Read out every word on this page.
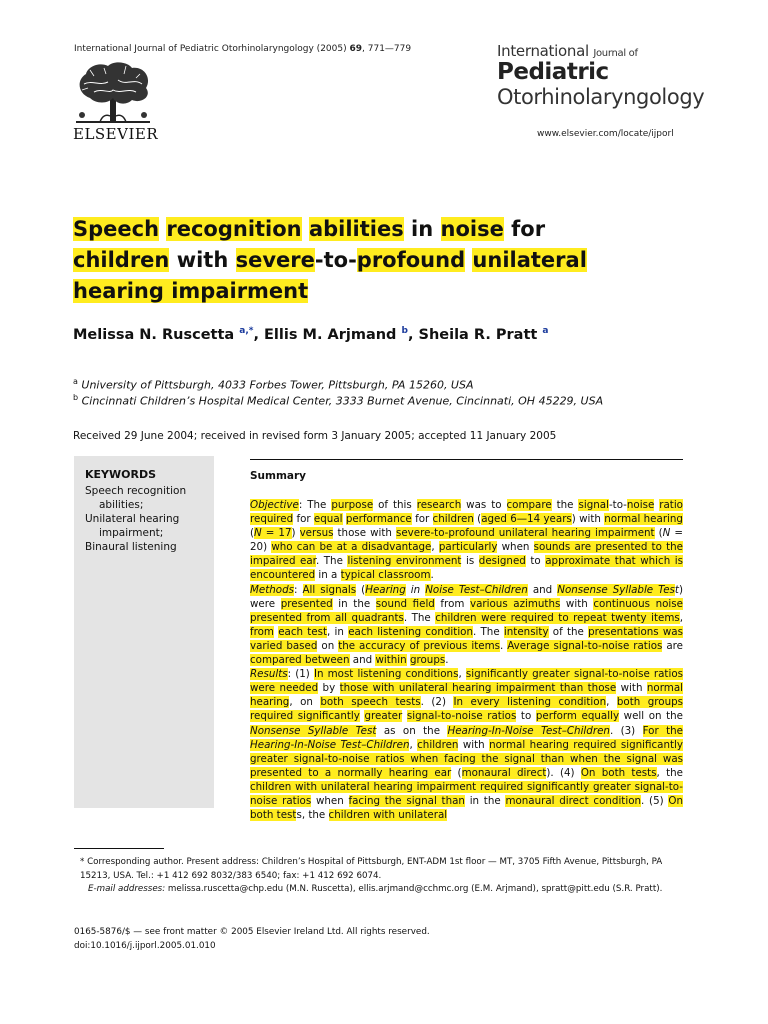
International Journal of Pediatric Otorhinolaryngology (2005) 69, 771—779
ELSEVIER
International Journal of
Pediatric
Otorhinolaryngology
www.elsevier.com/locate/ijporl
Speech recognition abilities in noise for children with severe-to-profound unilateral hearing impairment
Melissa N. Ruscetta $^{a,*}$, Ellis M. Arjmand $^b$, Sheila R. Pratt $^a$
$^a$ University of Pittsburgh, 4033 Forbes Tower, Pittsburgh, PA 15260, USA
$^b$ Cincinnati Children’s Hospital Medical Center, 3333 Burnet Avenue, Cincinnati, OH 45229, USA
Received 29 June 2004; received in revised form 3 January 2005; accepted 11 January 2005
KEYWORDS
Speech recognition
abilities;
Unilateral hearing
impairment;
Binaural listening
Summary
Objective: The purpose of this research was to compare the signal-to-noise ratio required for equal performance for children (aged 6—14 years) with normal hearing (N = 17) versus those with severe-to-profound unilateral hearing impairment (N = 20) who can be at a disadvantage, particularly when sounds are presented to the impaired ear. The listening environment is designed to approximate that which is encountered in a typical classroom.
Methods: All signals (Hearing in Noise Test–Children and Nonsense Syllable Test) were presented in the sound field from various azimuths with continuous noise presented from all quadrants. The children were required to repeat twenty items, from each test, in each listening condition. The intensity of the presentations was varied based on the accuracy of previous items. Average signal-to-noise ratios are compared between and within groups.
Results: (1) In most listening conditions, significantly greater signal-to-noise ratios were needed by those with unilateral hearing impairment than those with normal hearing, on both speech tests. (2) In every listening condition, both groups required significantly greater signal-to-noise ratios to perform equally well on the Nonsense Syllable Test as on the Hearing-In-Noise Test–Children. (3) For the Hearing-In-Noise Test–Children, children with normal hearing required significantly greater signal-to-noise ratios when facing the signal than when the signal was presented to a normally hearing ear (monaural direct). (4) On both tests, the children with unilateral hearing impairment required significantly greater signal-to-noise ratios when facing the signal than in the monaural direct condition. (5) On both tests, the children with unilateral
* Corresponding author. Present address: Children’s Hospital of Pittsburgh, ENT-ADM 1st floor — MT, 3705 Fifth Avenue, Pittsburgh, PA 15213, USA. Tel.: +1 412 692 8032/383 6540; fax: +1 412 692 6074.
E-mail addresses: melissa.ruscetta@chp.edu (M.N. Ruscetta), ellis.arjmand@cchmc.org (E.M. Arjmand), spratt@pitt.edu (S.R. Pratt).
0165-5876/$ — see front matter © 2005 Elsevier Ireland Ltd. All rights reserved.
doi:10.1016/j.ijporl.2005.01.010
